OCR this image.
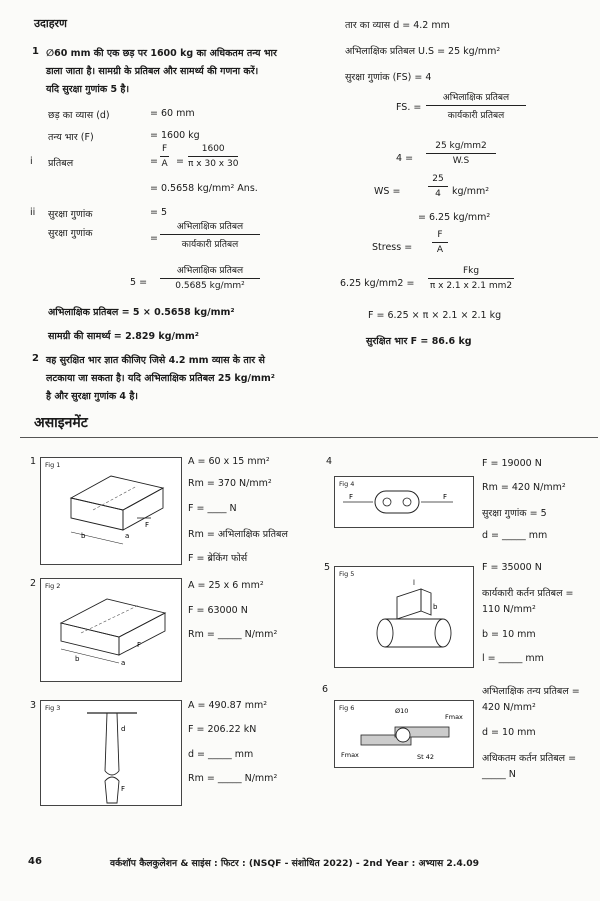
उदाहरण
1 ∅60 mm की एक छड़ पर 1600 kg का अधिकतम तन्य भार
डाला जाता है। सामग्री के प्रतिबल और सामर्थ्य की गणना करें।
यदि सुरक्षा गुणांक 5 है।
छड़ का व्यास (d)	= 60 mm
तन्य भार (F)	= 1600 kg
i प्रतिबल	= $\frac{F}{A} = \frac{1600}{\text{π x 30 x 30}}$
= 0.5658 kg/mm² Ans.
ii सुरक्षा गुणांक	= 5
सुरक्षा गुणांक	=
अभिलाक्षिक प्रतिबल
कार्यकारी प्रतिबल
5 =
अभिलाक्षिक प्रतिबल
0.5685 kg/mm²
अभिलाक्षिक प्रतिबल = 5 × 0.5658 kg/mm²
सामग्री की सामर्थ्य = 2.829 kg/mm²
2 वह सुरक्षित भार ज्ञात कीजिए जिसे 4.2 mm व्यास के तार से
लटकाया जा सकता है। यदि अभिलाक्षिक प्रतिबल 25 kg/mm²
है और सुरक्षा गुणांक 4 है।
तार का व्यास d = 4.2 mm
अभिलाक्षिक प्रतिबल U.S = 25 kg/mm²
सुरक्षा गुणांक (FS) = 4
FS. =
अभिलाक्षिक प्रतिबल
कार्यकारी प्रतिबल
$4 = \frac{25 kg/mm2}{W.S}$
WS =	$\frac{25}{4} kg/mm^2$
= 6.25 kg/mm²
Stress = $\frac{F}{A}$
6.25 kg/mm2 =
Fkg
π x 2.1 x 2.1 mm2
F = 6.25 × π × 2.1 × 2.1 kg
सुरक्षित भार F = 86.6 kg
असाइनमेंट
1 Fig 1
F
b	a
A = 60 x 15 mm²
Rm = 370 N/mm²
F = ____ N
Rm = अभिलाक्षिक प्रतिबल
F = ब्रेकिंग फोर्स
2 Fig 2
F
b	a
A = 25 x 6 mm²
F = 63000 N
Rm = _____ N/mm²
3 Fig 3
d
F
A = 490.87 mm²
F = 206.22 kN
d = _____ mm
Rm = _____ N/mm²
4
Fig 4
F	F
F = 19000 N
Rm = 420 N/mm²
सुरक्षा गुणांक = 5
d = _____ mm
5
Fig 5
l
b
F = 35000 N
कार्यकारी कर्तन प्रतिबल =
110 N/mm²
b = 10 mm
l = _____ mm
6
Fig 6	Ø10
Fmax
Fmax
St 42
अभिलाक्षिक तन्य प्रतिबल =
420 N/mm²
d = 10 mm
अधिकतम कर्तन प्रतिबल =
_____ N
46	वर्कशॉप कैलकुलेशन & साइंस : फिटर : (NSQF - संशोधित 2022) - 2nd Year : अभ्यास 2.4.09
